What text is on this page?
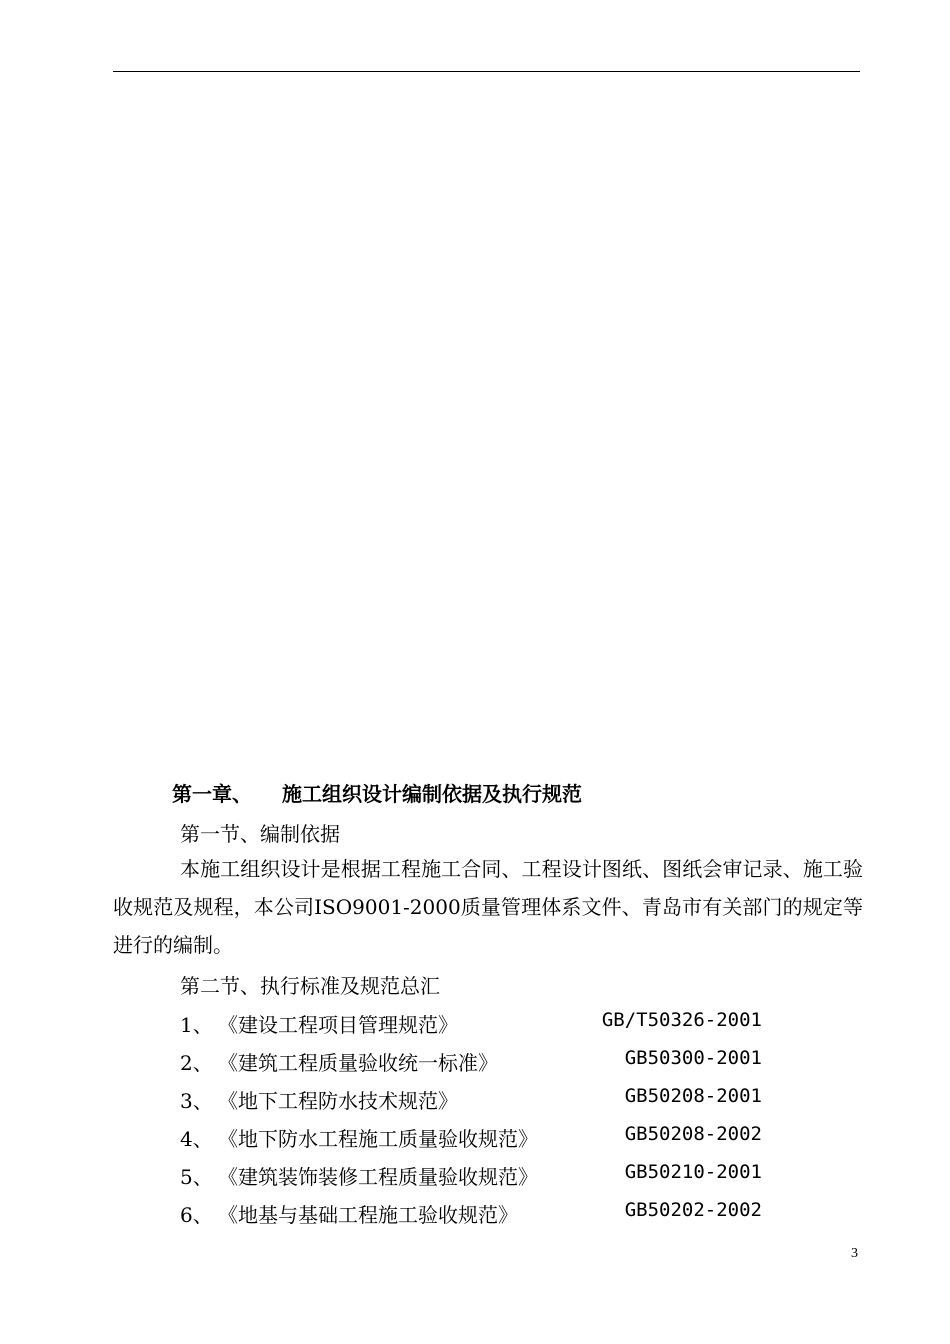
第一章、 施工组织设计编制依据及执行规范
第一节、编制依据
本施工组织设计是根据工程施工合同、工程设计图纸、图纸会审记录、施工验收规范及规程，本公司ISO9001-2000质量管理体系文件、青岛市有关部门的规定等进行的编制。
第二节、执行标准及规范总汇
1、 《建设工程项目管理规范》	GB/T50326-2001
2、 《建筑工程质量验收统一标准》	GB50300-2001
3、 《地下工程防水技术规范》	GB50208-2001
4、 《地下防水工程施工质量验收规范》	GB50208-2002
5、 《建筑装饰装修工程质量验收规范》	GB50210-2001
6、 《地基与基础工程施工验收规范》	GB50202-2002
3
